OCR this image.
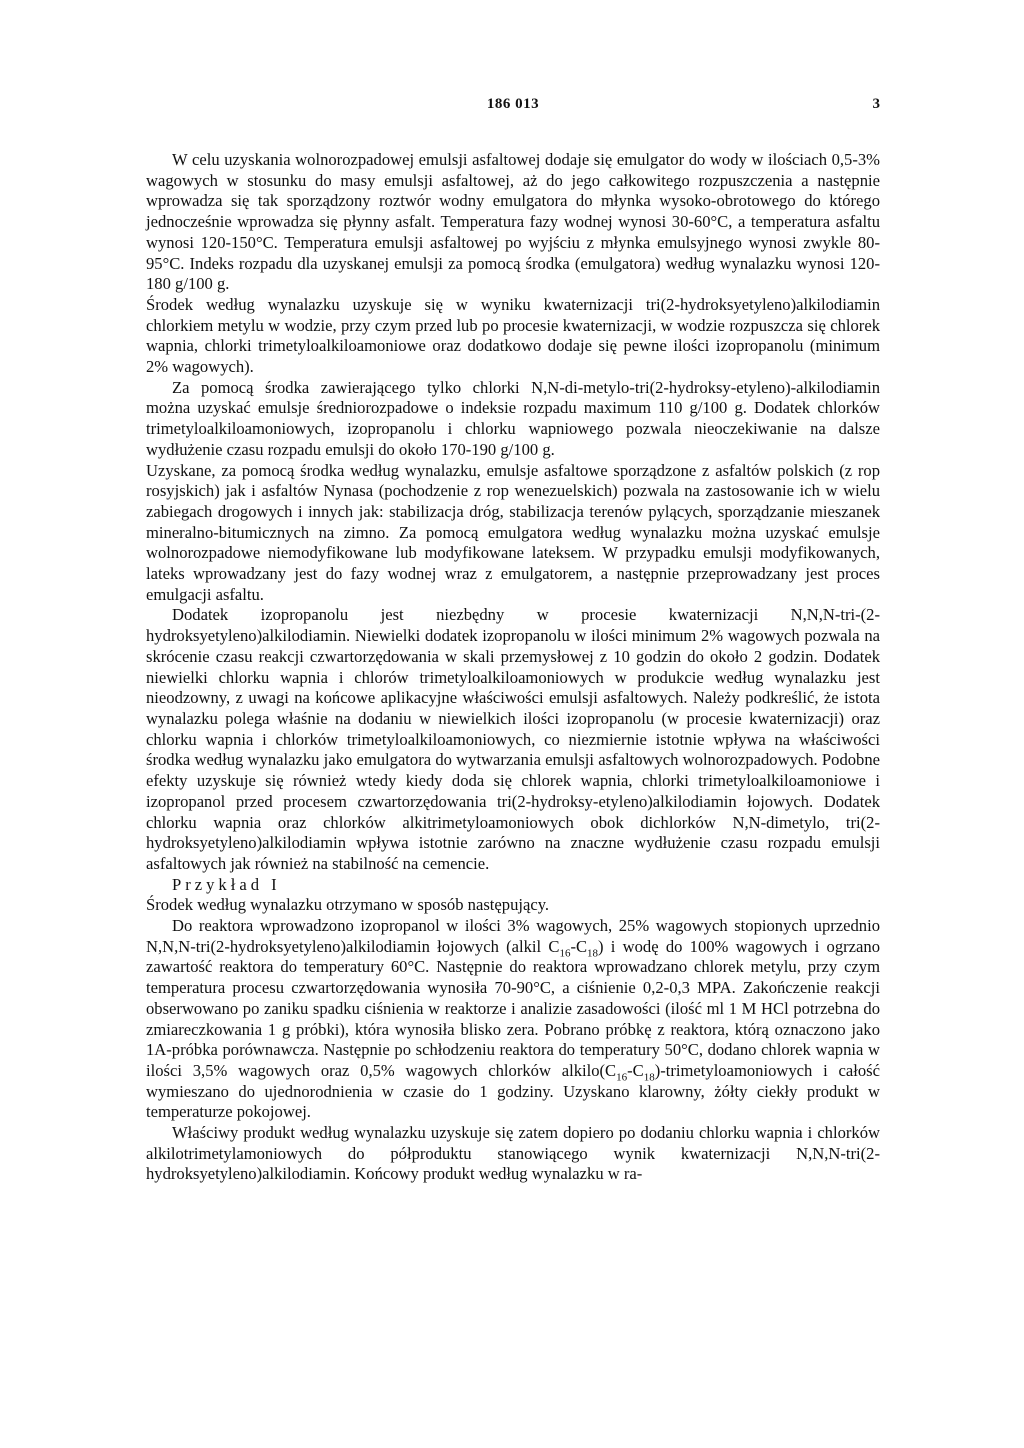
186 013	3

W celu uzyskania wolnorozpadowej emulsji asfaltowej dodaje się emulgator do wody w ilościach 0,5-3% wagowych w stosunku do masy emulsji asfaltowej, aż do jego całkowitego rozpuszczenia a następnie wprowadza się tak sporządzony roztwór wodny emulgatora do młynka wysoko-obrotowego do którego jednocześnie wprowadza się płynny asfalt. Temperatura fazy wodnej wynosi 30-60°C, a temperatura asfaltu wynosi 120-150°C. Temperatura emulsji asfaltowej po wyjściu z młynka emulsyjnego wynosi zwykle 80-95°C. Indeks rozpadu dla uzyskanej emulsji za pomocą środka (emulgatora) według wynalazku wynosi 120-180 g/100 g.

Środek według wynalazku uzyskuje się w wyniku kwaternizacji tri(2-hydroksyetyleno)alkilodiamin chlorkiem metylu w wodzie, przy czym przed lub po procesie kwaternizacji, w wodzie rozpuszcza się chlorek wapnia, chlorki trimetyloalkiloamoniowe oraz dodatkowo dodaje się pewne ilości izopropanolu (minimum 2% wagowych).

Za pomocą środka zawierającego tylko chlorki N,N-di-metylo-tri(2-hydroksy-etyleno)-alkilodiamin można uzyskać emulsje średniorozpadowe o indeksie rozpadu maximum 110 g/100 g. Dodatek chlorków trimetyloalkiloamoniowych, izopropanolu i chlorku wapniowego pozwala nieoczekiwanie na dalsze wydłużenie czasu rozpadu emulsji do około 170-190 g/100 g.

Uzyskane, za pomocą środka według wynalazku, emulsje asfaltowe sporządzone z asfaltów polskich (z rop rosyjskich) jak i asfaltów Nynasa (pochodzenie z rop wenezuelskich) pozwala na zastosowanie ich w wielu zabiegach drogowych i innych jak: stabilizacja dróg, stabilizacja terenów pylących, sporządzanie mieszanek mineralno-bitumicznych na zimno. Za pomocą emulgatora według wynalazku można uzyskać emulsje wolnorozpadowe niemodyfikowane lub modyfikowane lateksem. W przypadku emulsji modyfikowanych, lateks wprowadzany jest do fazy wodnej wraz z emulgatorem, a następnie przeprowadzany jest proces emulgacji asfaltu.

Dodatek izopropanolu jest niezbędny w procesie kwaternizacji N,N,N-tri-(2-hydroksyetyleno)alkilodiamin. Niewielki dodatek izopropanolu w ilości minimum 2% wagowych pozwala na skrócenie czasu reakcji czwartorzędowania w skali przemysłowej z 10 godzin do około 2 godzin. Dodatek niewielki chlorku wapnia i chlorów trimetyloalkiloamoniowych w produkcie według wynalazku jest nieodzowny, z uwagi na końcowe aplikacyjne właściwości emulsji asfaltowych. Należy podkreślić, że istota wynalazku polega właśnie na dodaniu w niewielkich ilości izopropanolu (w procesie kwaternizacji) oraz chlorku wapnia i chlorków trimetyloalkiloamoniowych, co niezmiernie istotnie wpływa na właściwości środka według wynalazku jako emulgatora do wytwarzania emulsji asfaltowych wolnorozpadowych. Podobne efekty uzyskuje się również wtedy kiedy doda się chlorek wapnia, chlorki trimetyloalkiloamoniowe i izopropanol przed procesem czwartorzędowania tri(2-hydroksy-etyleno)alkilodiamin łojowych. Dodatek chlorku wapnia oraz chlorków alkitrimetyloamoniowych obok dichlorków N,N-dimetylo, tri(2-hydroksyetyleno)alkilodiamin wpływa istotnie zarówno na znaczne wydłużenie czasu rozpadu emulsji asfaltowych jak również na stabilność na cemencie.

Przykład I

Środek według wynalazku otrzymano w sposób następujący.

Do reaktora wprowadzono izopropanol w ilości 3% wagowych, 25% wagowych stopionych uprzednio N,N,N-tri(2-hydroksyetyleno)alkilodiamin łojowych (alkil $C_{16}-C_{18}$) i wodę do 100% wagowych i ogrzano zawartość reaktora do temperatury 60°C. Następnie do reaktora wprowadzano chlorek metylu, przy czym temperatura procesu czwartorzędowania wynosiła 70-90°C, a ciśnienie 0,2-0,3 MPA. Zakończenie reakcji obserwowano po zaniku spadku ciśnienia w reaktorze i analizie zasadowości (ilość ml 1 M HCl potrzebna do zmiareczkowania 1 g próbki), która wynosiła blisko zera. Pobrano próbkę z reaktora, którą oznaczono jako 1A-próbka porównawcza. Następnie po schłodzeniu reaktora do temperatury 50°C, dodano chlorek wapnia w ilości 3,5% wagowych oraz 0,5% wagowych chlorków $alkilo(C_{16}-C_{18})$-trimetyloamoniowych i całość wymieszano do ujednorodnienia w czasie do 1 godziny. Uzyskano klarowny, żółty ciekły produkt w temperaturze pokojowej.

Właściwy produkt według wynalazku uzyskuje się zatem dopiero po dodaniu chlorku wapnia i chlorków alkilotrimetylamoniowych do półproduktu stanowiącego wynik kwaternizacji N,N,N-tri(2-hydroksyetyleno)alkilodiamin. Końcowy produkt według wynalazku w ra-
